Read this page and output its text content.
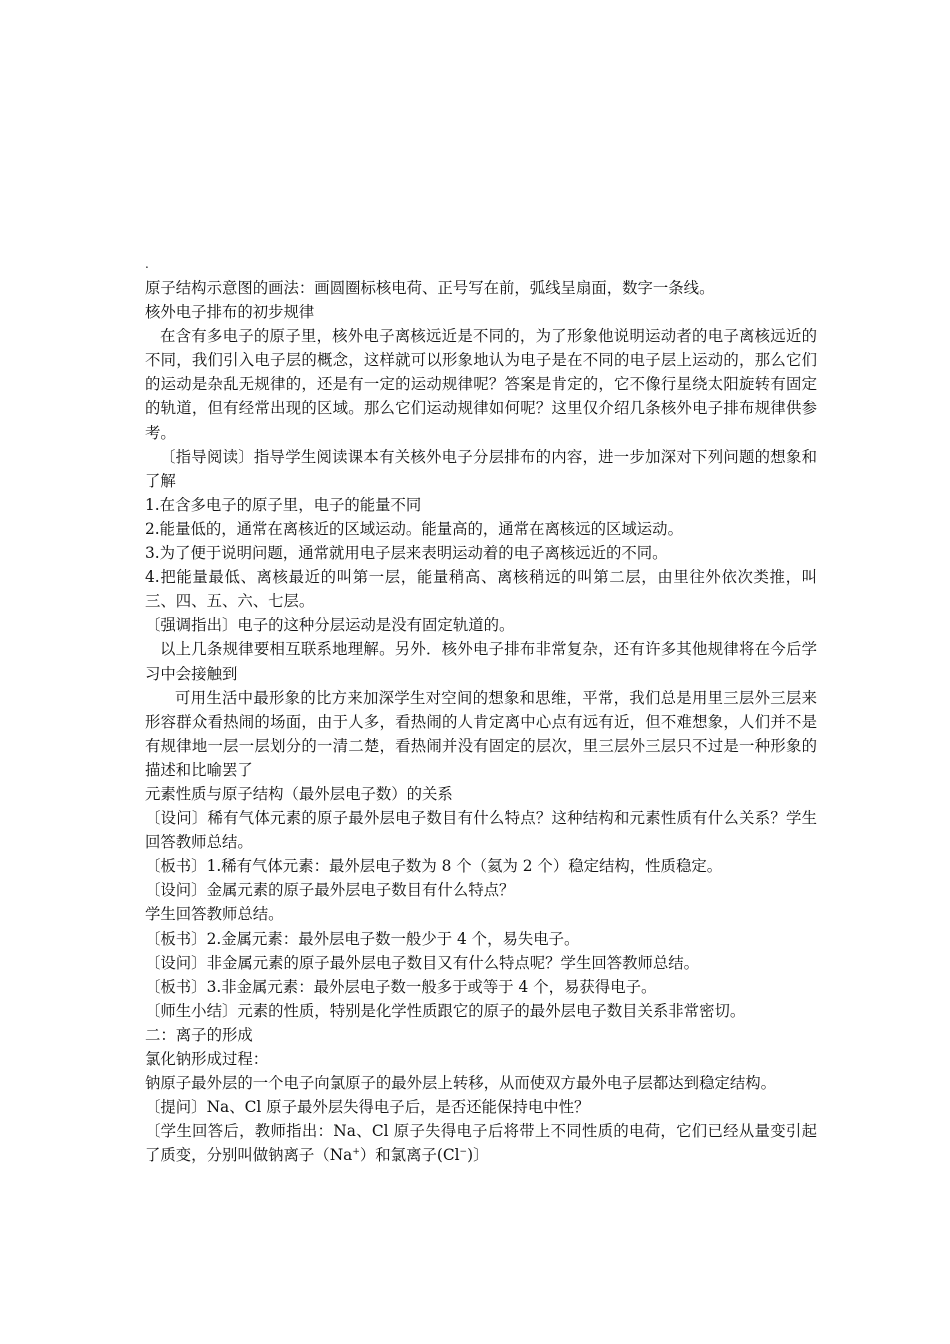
.

原子结构示意图的画法：画圆圈标核电荷、正号写在前，弧线呈扇面，数字一条线。

核外电子排布的初步规律

在含有多电子的原子里，核外电子离核远近是不同的，为了形象他说明运动者的电子离核远近的不同，我们引入电子层的概念，这样就可以形象地认为电子是在不同的电子层上运动的，那么它们的运动是杂乱无规律的，还是有一定的运动规律呢？答案是肯定的，它不像行星绕太阳旋转有固定的轨道，但有经常出现的区域。那么它们运动规律如何呢？这里仅介绍几条核外电子排布规律供参考。

〔指导阅读〕指导学生阅读课本有关核外电子分层排布的内容，进一步加深对下列问题的想象和了解

1.在含多电子的原子里，电子的能量不同

2.能量低的，通常在离核近的区域运动。能量高的，通常在离核远的区域运动。

3.为了便于说明问题，通常就用电子层来表明运动着的电子离核远近的不同。

4.把能量最低、离核最近的叫第一层，能量稍高、离核稍远的叫第二层，由里往外依次类推，叫三、四、五、六、七层。

〔强调指出〕电子的这种分层运动是没有固定轨道的。

以上几条规律要相互联系地理解。另外．核外电子排布非常复杂，还有许多其他规律将在今后学习中会接触到

可用生活中最形象的比方来加深学生对空间的想象和思维，平常，我们总是用里三层外三层来形容群众看热闹的场面，由于人多，看热闹的人肯定离中心点有远有近，但不难想象，人们并不是有规律地一层一层划分的一清二楚，看热闹并没有固定的层次，里三层外三层只不过是一种形象的描述和比喻罢了

元素性质与原子结构（最外层电子数）的关系

〔设问〕稀有气体元素的原子最外层电子数目有什么特点？这种结构和元素性质有什么关系？学生回答教师总结。

〔板书〕1.稀有气体元素：最外层电子数为 8 个（氦为 2 个）稳定结构，性质稳定。

〔设问〕金属元素的原子最外层电子数目有什么特点？

学生回答教师总结。

〔板书〕2.金属元素：最外层电子数一般少于 4 个，易失电子。

〔设问〕非金属元素的原子最外层电子数目又有什么特点呢？学生回答教师总结。

〔板书〕3.非金属元素：最外层电子数一般多于或等于 4 个，易获得电子。

〔师生小结〕元素的性质，特别是化学性质跟它的原子的最外层电子数目关系非常密切。

二：离子的形成

氯化钠形成过程：

钠原子最外层的一个电子向氯原子的最外层上转移，从而使双方最外电子层都达到稳定结构。

〔提问〕Na、Cl 原子最外层失得电子后，是否还能保持电中性？

〔学生回答后，教师指出：Na、Cl 原子失得电子后将带上不同性质的电荷，它们已经从量变引起了质变，分别叫做钠离子（Na+）和氯离子(Cl−)〕
